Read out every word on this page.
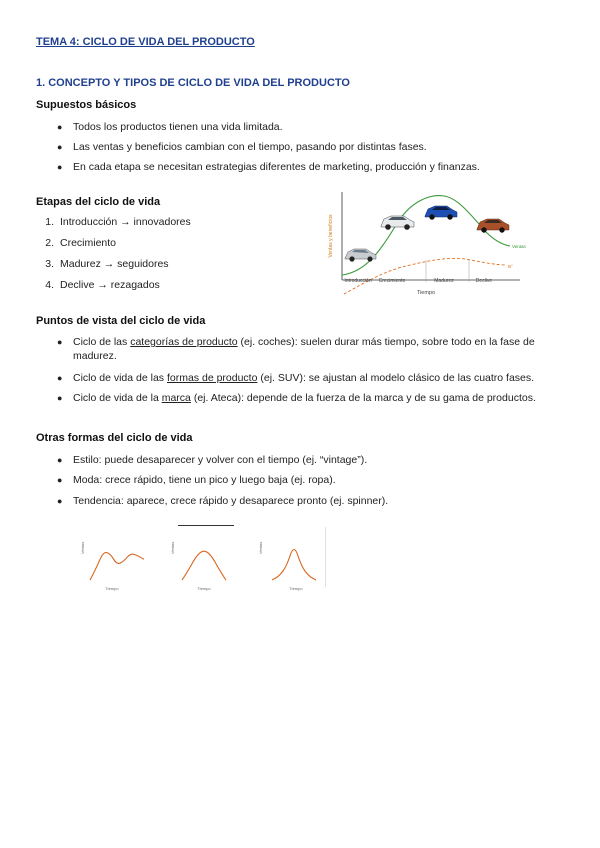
TEMA 4: CICLO DE VIDA DEL PRODUCTO
1. CONCEPTO Y TIPOS DE CICLO DE VIDA DEL PRODUCTO
Supuestos básicos
● Todos los productos tienen una vida limitada.
● Las ventas y beneficios cambian con el tiempo, pasando por distintas fases.
● En cada etapa se necesitan estrategias diferentes de marketing, producción y finanzas.
Etapas del ciclo de vida
1. Introducción → innovadores
2. Crecimiento
3. Madurez → seguidores
4. Declive → rezagados
Ventas y beneficios	Ventas
B°
Introducción Crecimiento	Madurez	Declive
Tiempo
Puntos de vista del ciclo de vida
● Ciclo de las categorías de producto (ej. coches): suelen durar más tiempo, sobre todo en la fase de
madurez.
● Ciclo de vida de las formas de producto (ej. SUV): se ajustan al modelo clásico de las cuatro fases.
● Ciclo de vida de la marca (ej. Ateca): depende de la fuerza de la marca y de su gama de productos.
Otras formas del ciclo de vida
● Estilo: puede desaparecer y volver con el tiempo (ej. “vintage”).
● Moda: crece rápido, tiene un pico y luego baja (ej. ropa).
● Tendencia: aparece, crece rápido y desaparece pronto (ej. spinner).
Ventas
Tiempo
Ventas
Tiempo
Ventas
Tiempo
